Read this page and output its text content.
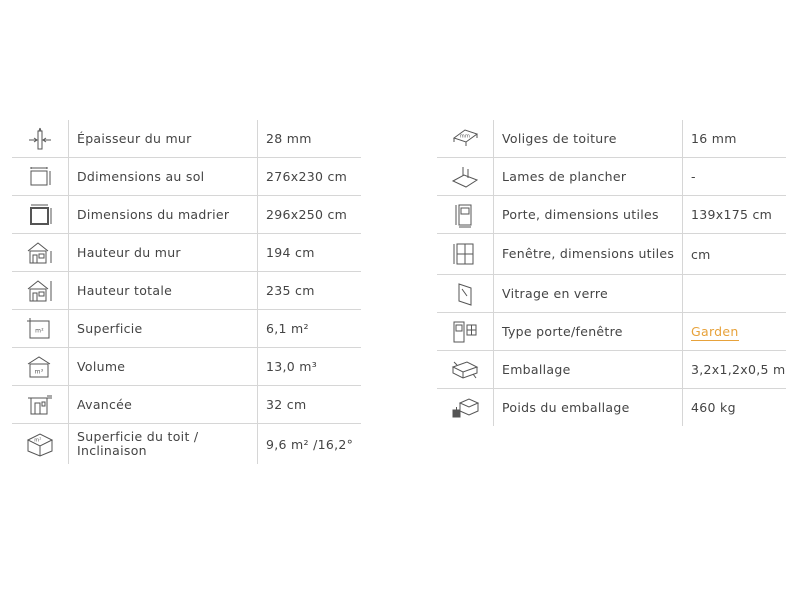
	Épaisseur du mur	28 mm

	Ddimensions au sol	276x230 cm

	Dimensions du madrier	296x250 cm

	Hauteur du mur	194 cm

	Hauteur totale	235 cm

m²	Superficie	6,1 m²

m³	Volume	13,0 m³

	Avancée	32 cm

m²	Superficie du toit / Inclinaison	9,6 m² /16,2°
mm	Voliges de toiture	16 mm

	Lames de plancher	-

	Porte, dimensions utiles	139x175 cm

	Fenêtre, dimensions utiles	cm

	Vitrage en verre	

	Type porte/fenêtre	Garden

	Emballage	3,2x1,2x0,5 m

	Poids du emballage	460 kg
